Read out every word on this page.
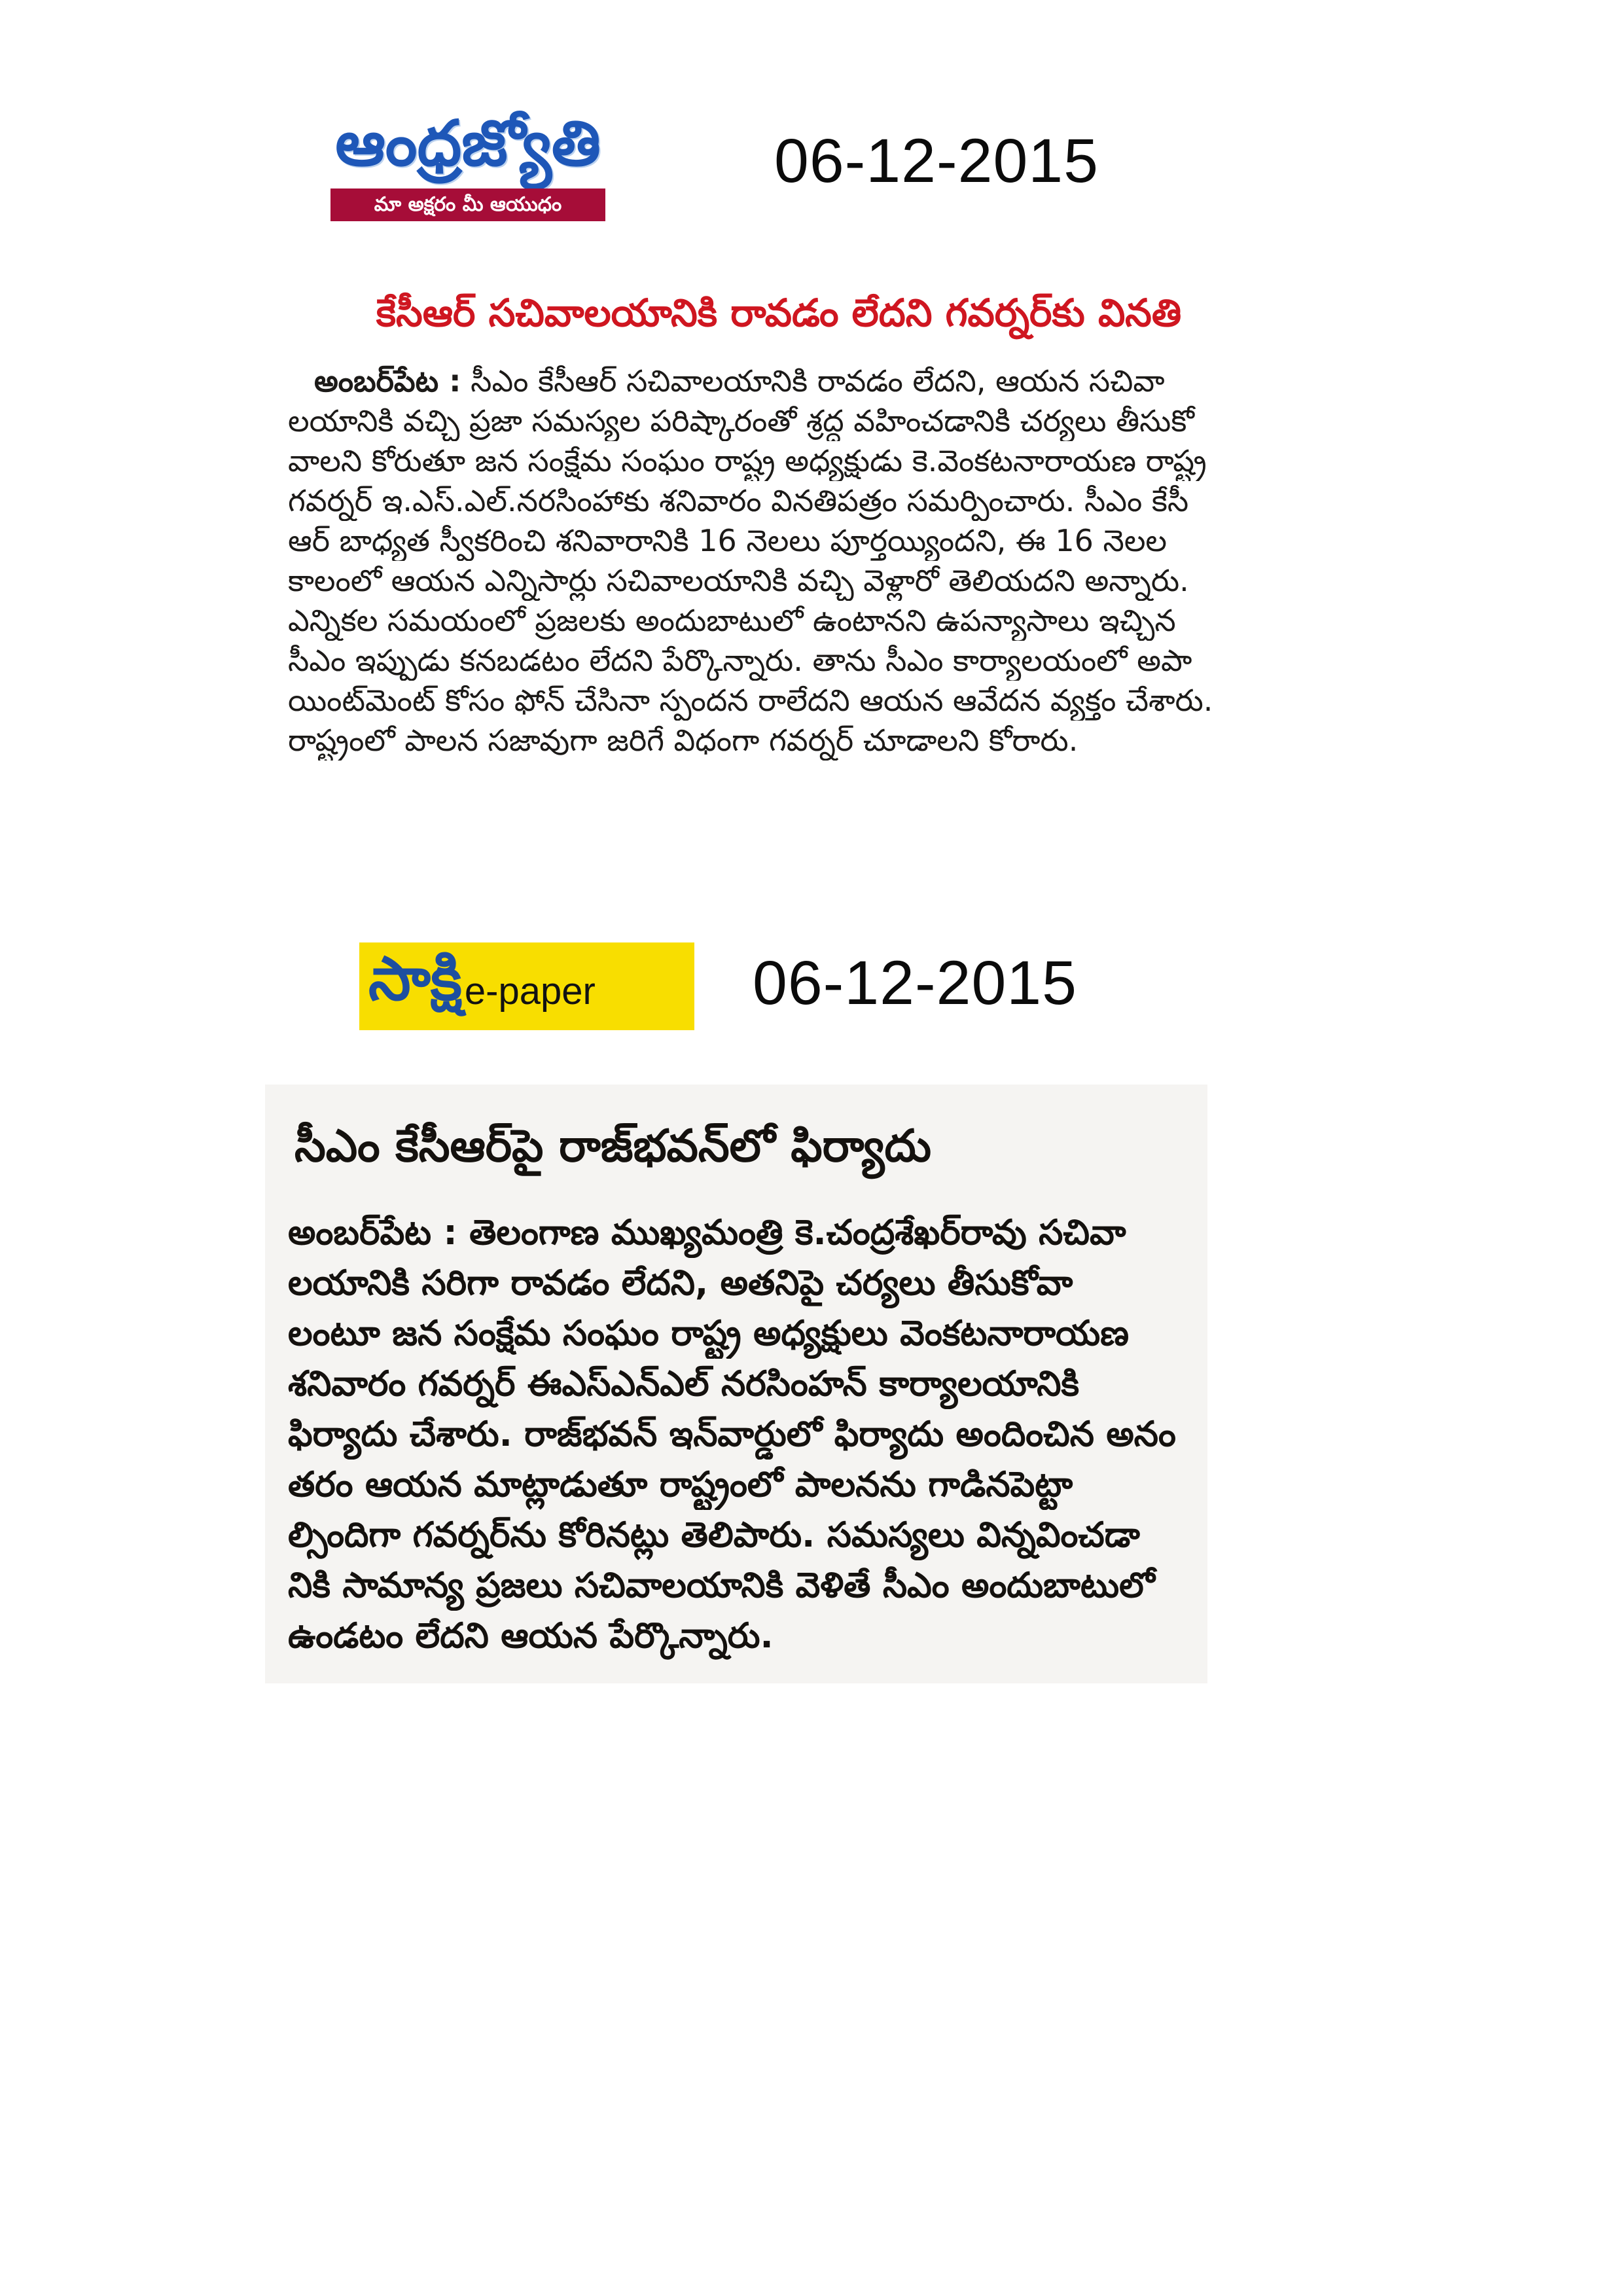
ఆంధ్రజ్యోతి
మా అక్షరం మీ ఆయుధం
06-12-2015
కేసీఆర్ సచివాలయానికి రావడం లేదని గవర్నర్‌కు వినతి
అంబర్‌పేట : సీఎం కేసీఆర్ సచివాలయానికి రావడం లేదని, ఆయన సచివా
లయానికి వచ్చి ప్రజా సమస్యల పరిష్కారంతో శ్రద్ధ వహించడానికి చర్యలు తీసుకో
వాలని కోరుతూ జన సంక్షేమ సంఘం రాష్ట్ర అధ్యక్షుడు కె.వెంకటనారాయణ రాష్ట్ర
గవర్నర్ ఇ.ఎస్.ఎల్.నరసింహాకు శనివారం వినతిపత్రం సమర్పించారు. సీఎం కేసీ
ఆర్ బాధ్యత స్వీకరించి శనివారానికి 16 నెలలు పూర్తయ్యిందని, ఈ 16 నెలల
కాలంలో ఆయన ఎన్నిసార్లు సచివాలయానికి వచ్చి వెళ్లారో తెలియదని అన్నారు.
ఎన్నికల సమయంలో ప్రజలకు అందుబాటులో ఉంటానని ఉపన్యాసాలు ఇచ్చిన
సీఎం ఇప్పుడు కనబడటం లేదని పేర్కొన్నారు. తాను సీఎం కార్యాలయంలో అపా
యింట్‌మెంట్ కోసం ఫోన్ చేసినా స్పందన రాలేదని ఆయన ఆవేదన వ్యక్తం చేశారు.
రాష్ట్రంలో పాలన సజావుగా జరిగే విధంగా గవర్నర్ చూడాలని కోరారు.
సాక్షి e-paper	06-12-2015
సీఎం కేసీఆర్‌పై రాజ్‌భవన్‌లో ఫిర్యాదు
అంబర్‌పేట : తెలంగాణ ముఖ్యమంత్రి కె.చంద్రశేఖర్‌రావు సచివా
లయానికి సరిగా రావడం లేదని, అతనిపై చర్యలు తీసుకోవా
లంటూ జన సంక్షేమ సంఘం రాష్ట్ర అధ్యక్షులు వెంకటనారాయణ
శనివారం గవర్నర్ ఈఎస్ఎన్ఎల్ నరసింహన్ కార్యాలయానికి
ఫిర్యాదు చేశారు. రాజ్‌భవన్ ఇన్‌వార్డులో ఫిర్యాదు అందించిన అనం
తరం ఆయన మాట్లాడుతూ రాష్ట్రంలో పాలనను గాడినపెట్టా
ల్సిందిగా గవర్నర్‌ను కోరినట్లు తెలిపారు. సమస్యలు విన్నవించడా
నికి సామాన్య ప్రజలు సచివాలయానికి వెళితే సీఎం అందుబాటులో
ఉండటం లేదని ఆయన పేర్కొన్నారు.
